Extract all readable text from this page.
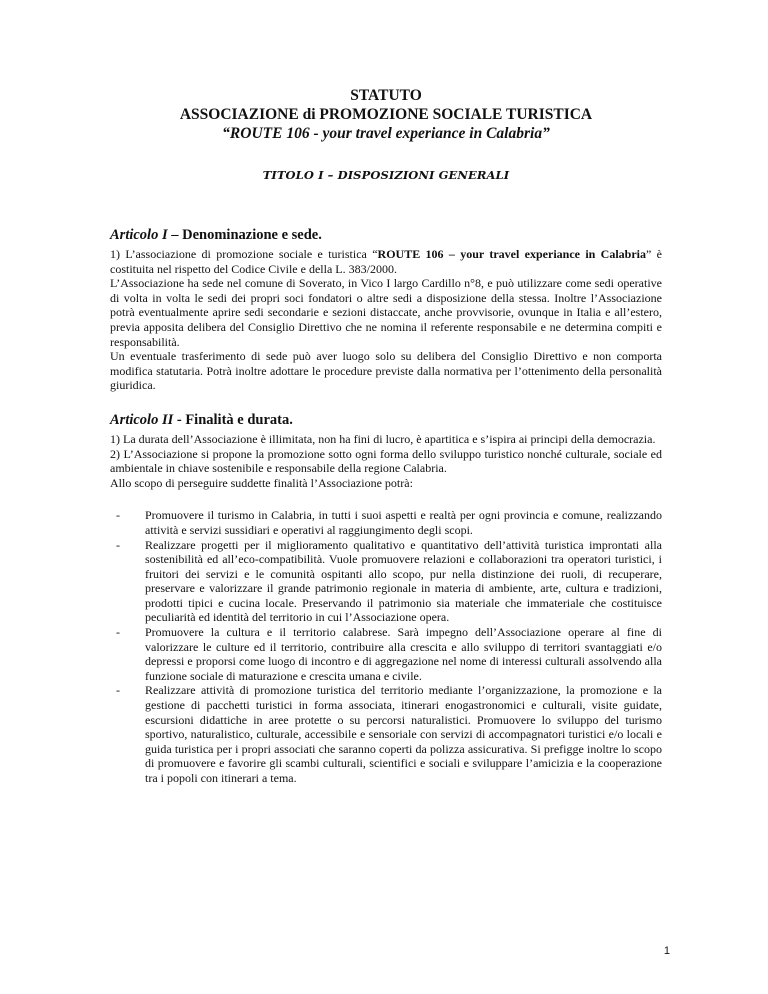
STATUTO
ASSOCIAZIONE di PROMOZIONE SOCIALE TURISTICA
“ROUTE 106 - your travel experiance in Calabria”
TITOLO I – DISPOSIZIONI GENERALI
Articolo I – Denominazione e sede.

1) L’associazione di promozione sociale e turistica “ROUTE 106 – your travel experiance in Calabria” è costituita nel rispetto del Codice Civile e della L. 383/2000.

L’Associazione ha sede nel comune di Soverato, in Vico I largo Cardillo n°8, e può utilizzare come sedi operative di volta in volta le sedi dei propri soci fondatori o altre sedi a disposizione della stessa. Inoltre l’Associazione potrà eventualmente aprire sedi secondarie e sezioni distaccate, anche provvisorie, ovunque in Italia e all’estero, previa apposita delibera del Consiglio Direttivo che ne nomina il referente responsabile e ne determina compiti e responsabilità.

Un eventuale trasferimento di sede può aver luogo solo su delibera del Consiglio Direttivo e non comporta modifica statutaria. Potrà inoltre adottare le procedure previste dalla normativa per l’ottenimento della personalità giuridica.

Articolo II - Finalità e durata.

1) La durata dell’Associazione è illimitata, non ha fini di lucro, è apartitica e s’ispira ai principi della democrazia.

2) L’Associazione si propone la promozione sotto ogni forma dello sviluppo turistico nonché culturale, sociale ed ambientale in chiave sostenibile e responsabile della regione Calabria.

Allo scopo di perseguire suddette finalità l’Associazione potrà:

- Promuovere il turismo in Calabria, in tutti i suoi aspetti e realtà per ogni provincia e comune, realizzando attività e servizi sussidiari e operativi al raggiungimento degli scopi.
- Realizzare progetti per il miglioramento qualitativo e quantitativo dell’attività turistica improntati alla sostenibilità ed all’eco-compatibilità. Vuole promuovere relazioni e collaborazioni tra operatori turistici, i fruitori dei servizi e le comunità ospitanti allo scopo, pur nella distinzione dei ruoli, di recuperare, preservare e valorizzare il grande patrimonio regionale in materia di ambiente, arte, cultura e tradizioni, prodotti tipici e cucina locale. Preservando il patrimonio sia materiale che immateriale che costituisce peculiarità ed identità del territorio in cui l’Associazione opera.
- Promuovere la cultura e il territorio calabrese. Sarà impegno dell’Associazione operare al fine di valorizzare le culture ed il territorio, contribuire alla crescita e allo sviluppo di territori svantaggiati e/o depressi e proporsi come luogo di incontro e di aggregazione nel nome di interessi culturali assolvendo alla funzione sociale di maturazione e crescita umana e civile.
- Realizzare attività di promozione turistica del territorio mediante l’organizzazione, la promozione e la gestione di pacchetti turistici in forma associata, itinerari enogastronomici e culturali, visite guidate, escursioni didattiche in aree protette o su percorsi naturalistici. Promuovere lo sviluppo del turismo sportivo, naturalistico, culturale, accessibile e sensoriale con servizi di accompagnatori turistici e/o locali e guida turistica per i propri associati che saranno coperti da polizza assicurativa. Si prefigge inoltre lo scopo di promuovere e favorire gli scambi culturali, scientifici e sociali e sviluppare l’amicizia e la cooperazione tra i popoli con itinerari a tema.
1
